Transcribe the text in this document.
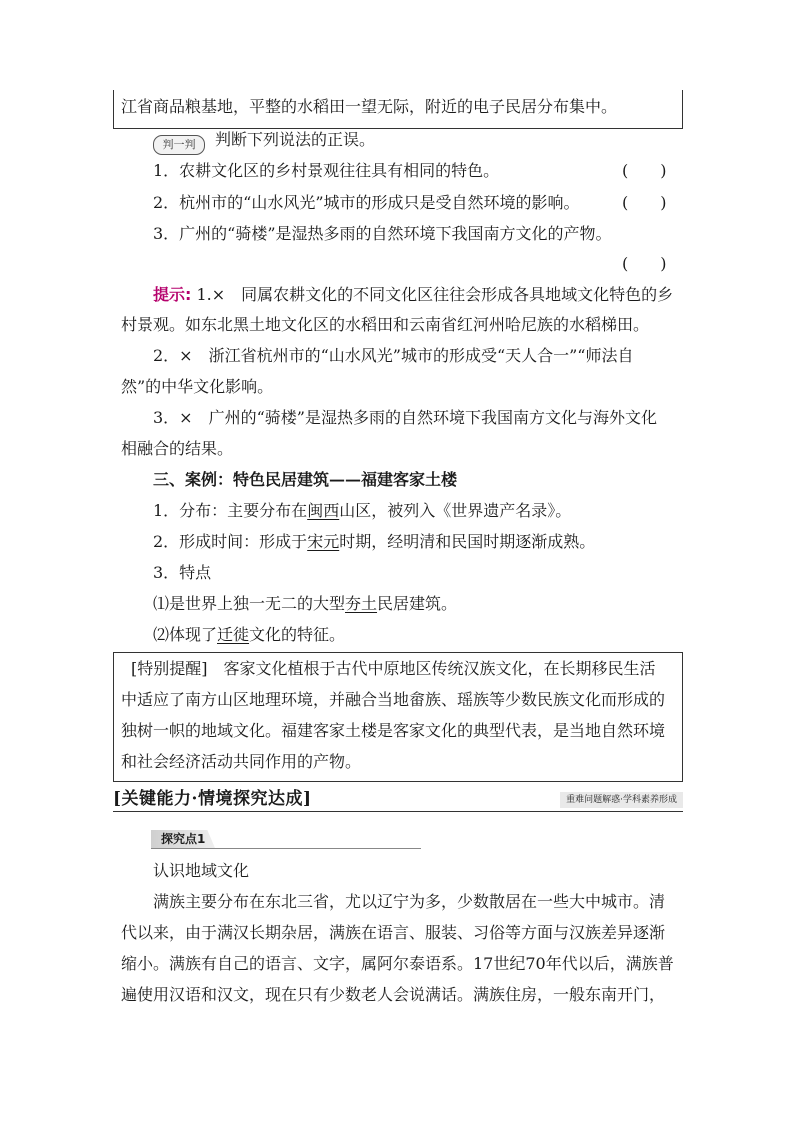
江省商品粮基地，平整的水稻田一望无际，附近的电子民居分布集中。
判一判 判断下列说法的正误。
1．农耕文化区的乡村景观往往具有相同的特色。	(　　)
2．杭州市的“山水风光”城市的形成只是受自然环境的影响。	(　　)
3．广州的“骑楼”是湿热多雨的自然环境下我国南方文化的产物。
(　　)
提示: 1.×　同属农耕文化的不同文化区往往会形成各具地域文化特色的乡
村景观。如东北黑土地文化区的水稻田和云南省红河州哈尼族的水稻梯田。
2．×　浙江省杭州市的“山水风光”城市的形成受“天人合一”“师法自
然”的中华文化影响。
3．×　广州的“骑楼”是湿热多雨的自然环境下我国南方文化与海外文化
相融合的结果。
三、案例：特色民居建筑——福建客家土楼
1．分布：主要分布在闽西山区，被列入《世界遗产名录》。
2．形成时间：形成于宋元时期，经明清和民国时期逐渐成熟。
3．特点
⑴是世界上独一无二的大型夯土民居建筑。
⑵体现了迁徙文化的特征。
[特别提醒]　客家文化植根于古代中原地区传统汉族文化，在长期移民生活
中适应了南方山区地理环境，并融合当地畲族、瑶族等少数民族文化而形成的
独树一帜的地域文化。福建客家土楼是客家文化的典型代表，是当地自然环境
和社会经济活动共同作用的产物。
[关键能力·情境探究达成]	重难问题解惑·学科素养形成
探究点1
认识地域文化
满族主要分布在东北三省，尤以辽宁为多，少数散居在一些大中城市。清
代以来，由于满汉长期杂居，满族在语言、服装、习俗等方面与汉族差异逐渐
缩小。满族有自己的语言、文字，属阿尔泰语系。17世纪70年代以后，满族普
遍使用汉语和汉文，现在只有少数老人会说满话。满族住房，一般东南开门，
